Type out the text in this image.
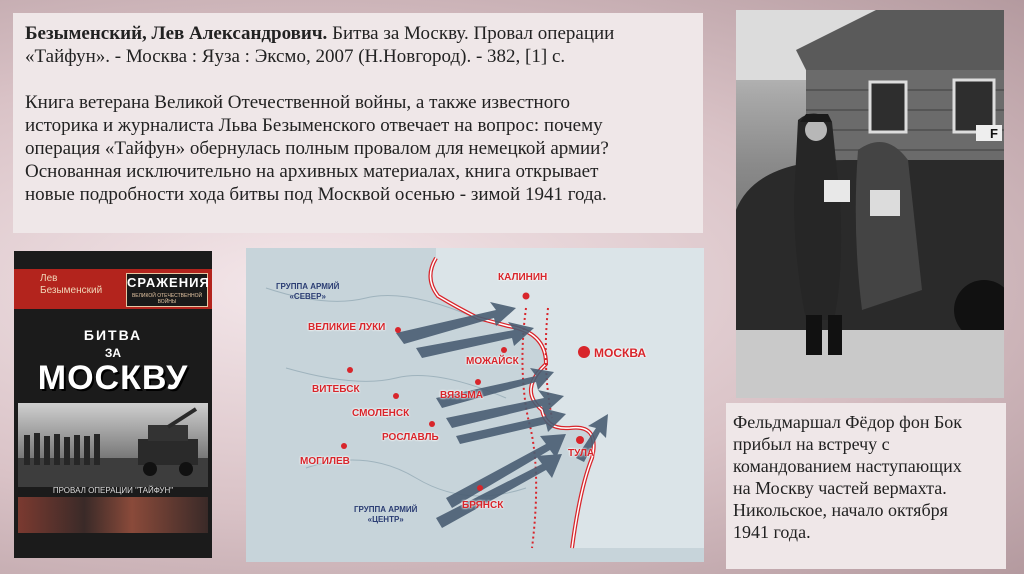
Безыменский, Лев Александрович. Битва за Москву. Провал операции

«Тайфун». - Москва : Яуза : Эксмо, 2007 (Н.Новгород). - 382, [1] с.

Книга ветерана Великой Отечественной войны, а также известного

историка и журналиста Льва Безыменского отвечает на вопрос: почему

операция «Тайфун» обернулась полным провалом для немецкой армии?

Основанная исключительно на архивных материалах, книга открывает

новые подробности хода битвы под Москвой осенью - зимой 1941 года.

Лев Безыменский
СРАЖЕНИЯ
ВЕЛИКОЙ ОТЕЧЕСТВЕННОЙ ВОЙНЫ
БИТВА
ЗА
МОСКВУ
ПРОВАЛ ОПЕРАЦИИ "ТАЙФУН"
ГРУППА АРМИЙ
«СЕВЕР»
ГРУППА АРМИЙ
«ЦЕНТР»
КАЛИНИН
ВЕЛИКИЕ ЛУКИ
МОЖАЙСК
МОСКВА
ВИТЕБСК
ВЯЗЬМА
СМОЛЕНСК
МОГИЛЕВ
РОСЛАВЛЬ
ТУЛА
БРЯНСК
F
Фельдмаршал Фёдор фон Бок
прибыл на встречу с
командованием наступающих
на Москву частей вермахта.
Никольское, начало октября
1941 года.
